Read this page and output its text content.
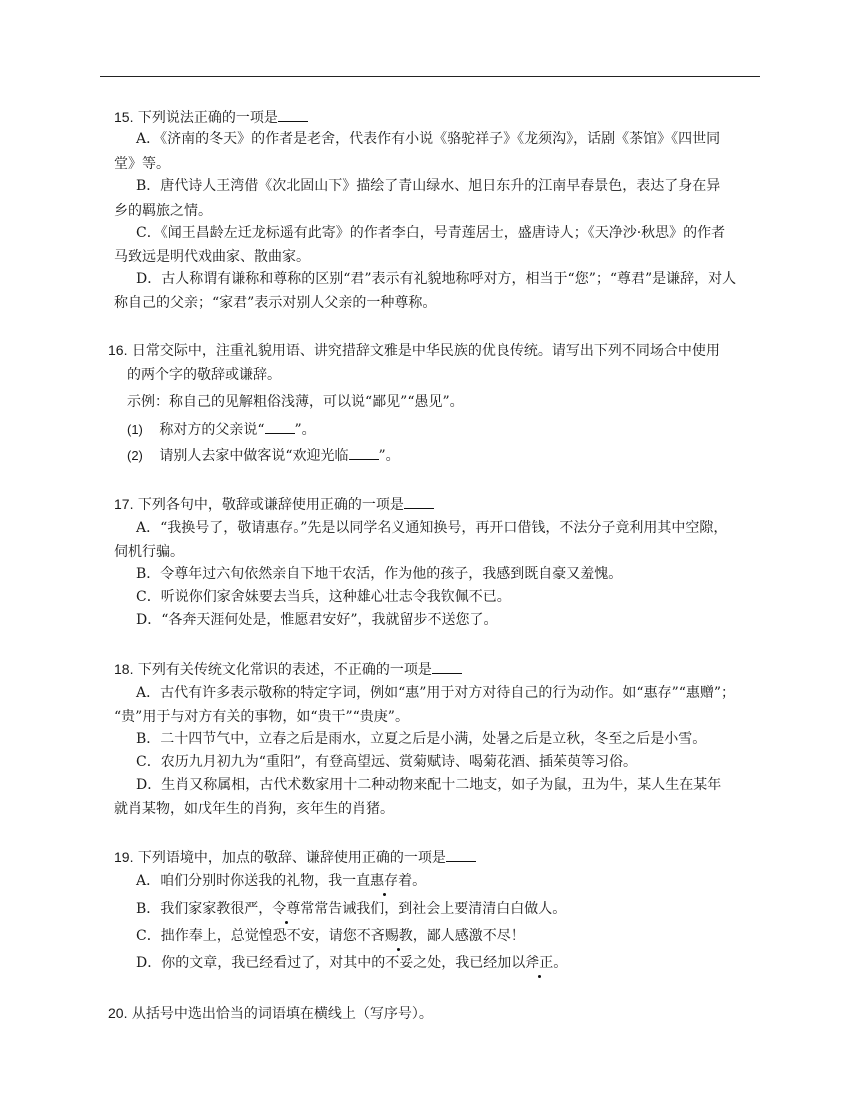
15. 下列说法正确的一项是
A．《济南的冬天》的作者是老舍，代表作有小说《骆驼祥子》《龙须沟》，话剧《茶馆》《四世同
堂》等。
B．唐代诗人王湾借《次北固山下》描绘了青山绿水、旭日东升的江南早春景色，表达了身在异
乡的羁旅之情。
C．《闻王昌龄左迁龙标遥有此寄》的作者李白，号青莲居士，盛唐诗人；《天净沙·秋思》的作者
马致远是明代戏曲家、散曲家。
D．古人称谓有谦称和尊称的区别“君”表示有礼貌地称呼对方，相当于“您”；“尊君”是谦辞，对人
称自己的父亲；“家君”表示对别人父亲的一种尊称。
16. 日常交际中，注重礼貌用语、讲究措辞文雅是中华民族的优良传统。请写出下列不同场合中使用
的两个字的敬辞或谦辞。
示例：称自己的见解粗俗浅薄，可以说“鄙见”“愚见”。
(1) 称对方的父亲说“ ”。
(2) 请别人去家中做客说“欢迎光临 ”。
17. 下列各句中，敬辞或谦辞使用正确的一项是
A．“我换号了，敬请惠存。”先是以同学名义通知换号，再开口借钱，不法分子竟利用其中空隙，
伺机行骗。
B．令尊年过六旬依然亲自下地干农活，作为他的孩子，我感到既自豪又羞愧。
C．听说你们家舍妹要去当兵，这种雄心壮志令我钦佩不已。
D．“各奔天涯何处是，惟愿君安好”，我就留步不送您了。
18. 下列有关传统文化常识的表述，不正确的一项是
A．古代有许多表示敬称的特定字词，例如“惠”用于对方对待自己的行为动作。如“惠存”“惠赠”；
“贵”用于与对方有关的事物，如“贵干”“贵庚”。
B．二十四节气中，立春之后是雨水，立夏之后是小满，处暑之后是立秋，冬至之后是小雪。
C．农历九月初九为“重阳”，有登高望远、赏菊赋诗、喝菊花酒、插茱萸等习俗。
D．生肖又称属相，古代术数家用十二种动物来配十二地支，如子为鼠，丑为牛，某人生在某年
就肖某物，如戊年生的肖狗，亥年生的肖猪。
19. 下列语境中，加点的敬辞、谦辞使用正确的一项是
A．咱们分别时你送我的礼物，我一直惠存着。
B．我们家家教很严，令尊常常告诫我们，到社会上要清清白白做人。
C．拙作奉上，总觉惶恐不安，请您不吝赐教，鄙人感激不尽！
D．你的文章，我已经看过了，对其中的不妥之处，我已经加以斧正。
20. 从括号中选出恰当的词语填在横线上（写序号）。
